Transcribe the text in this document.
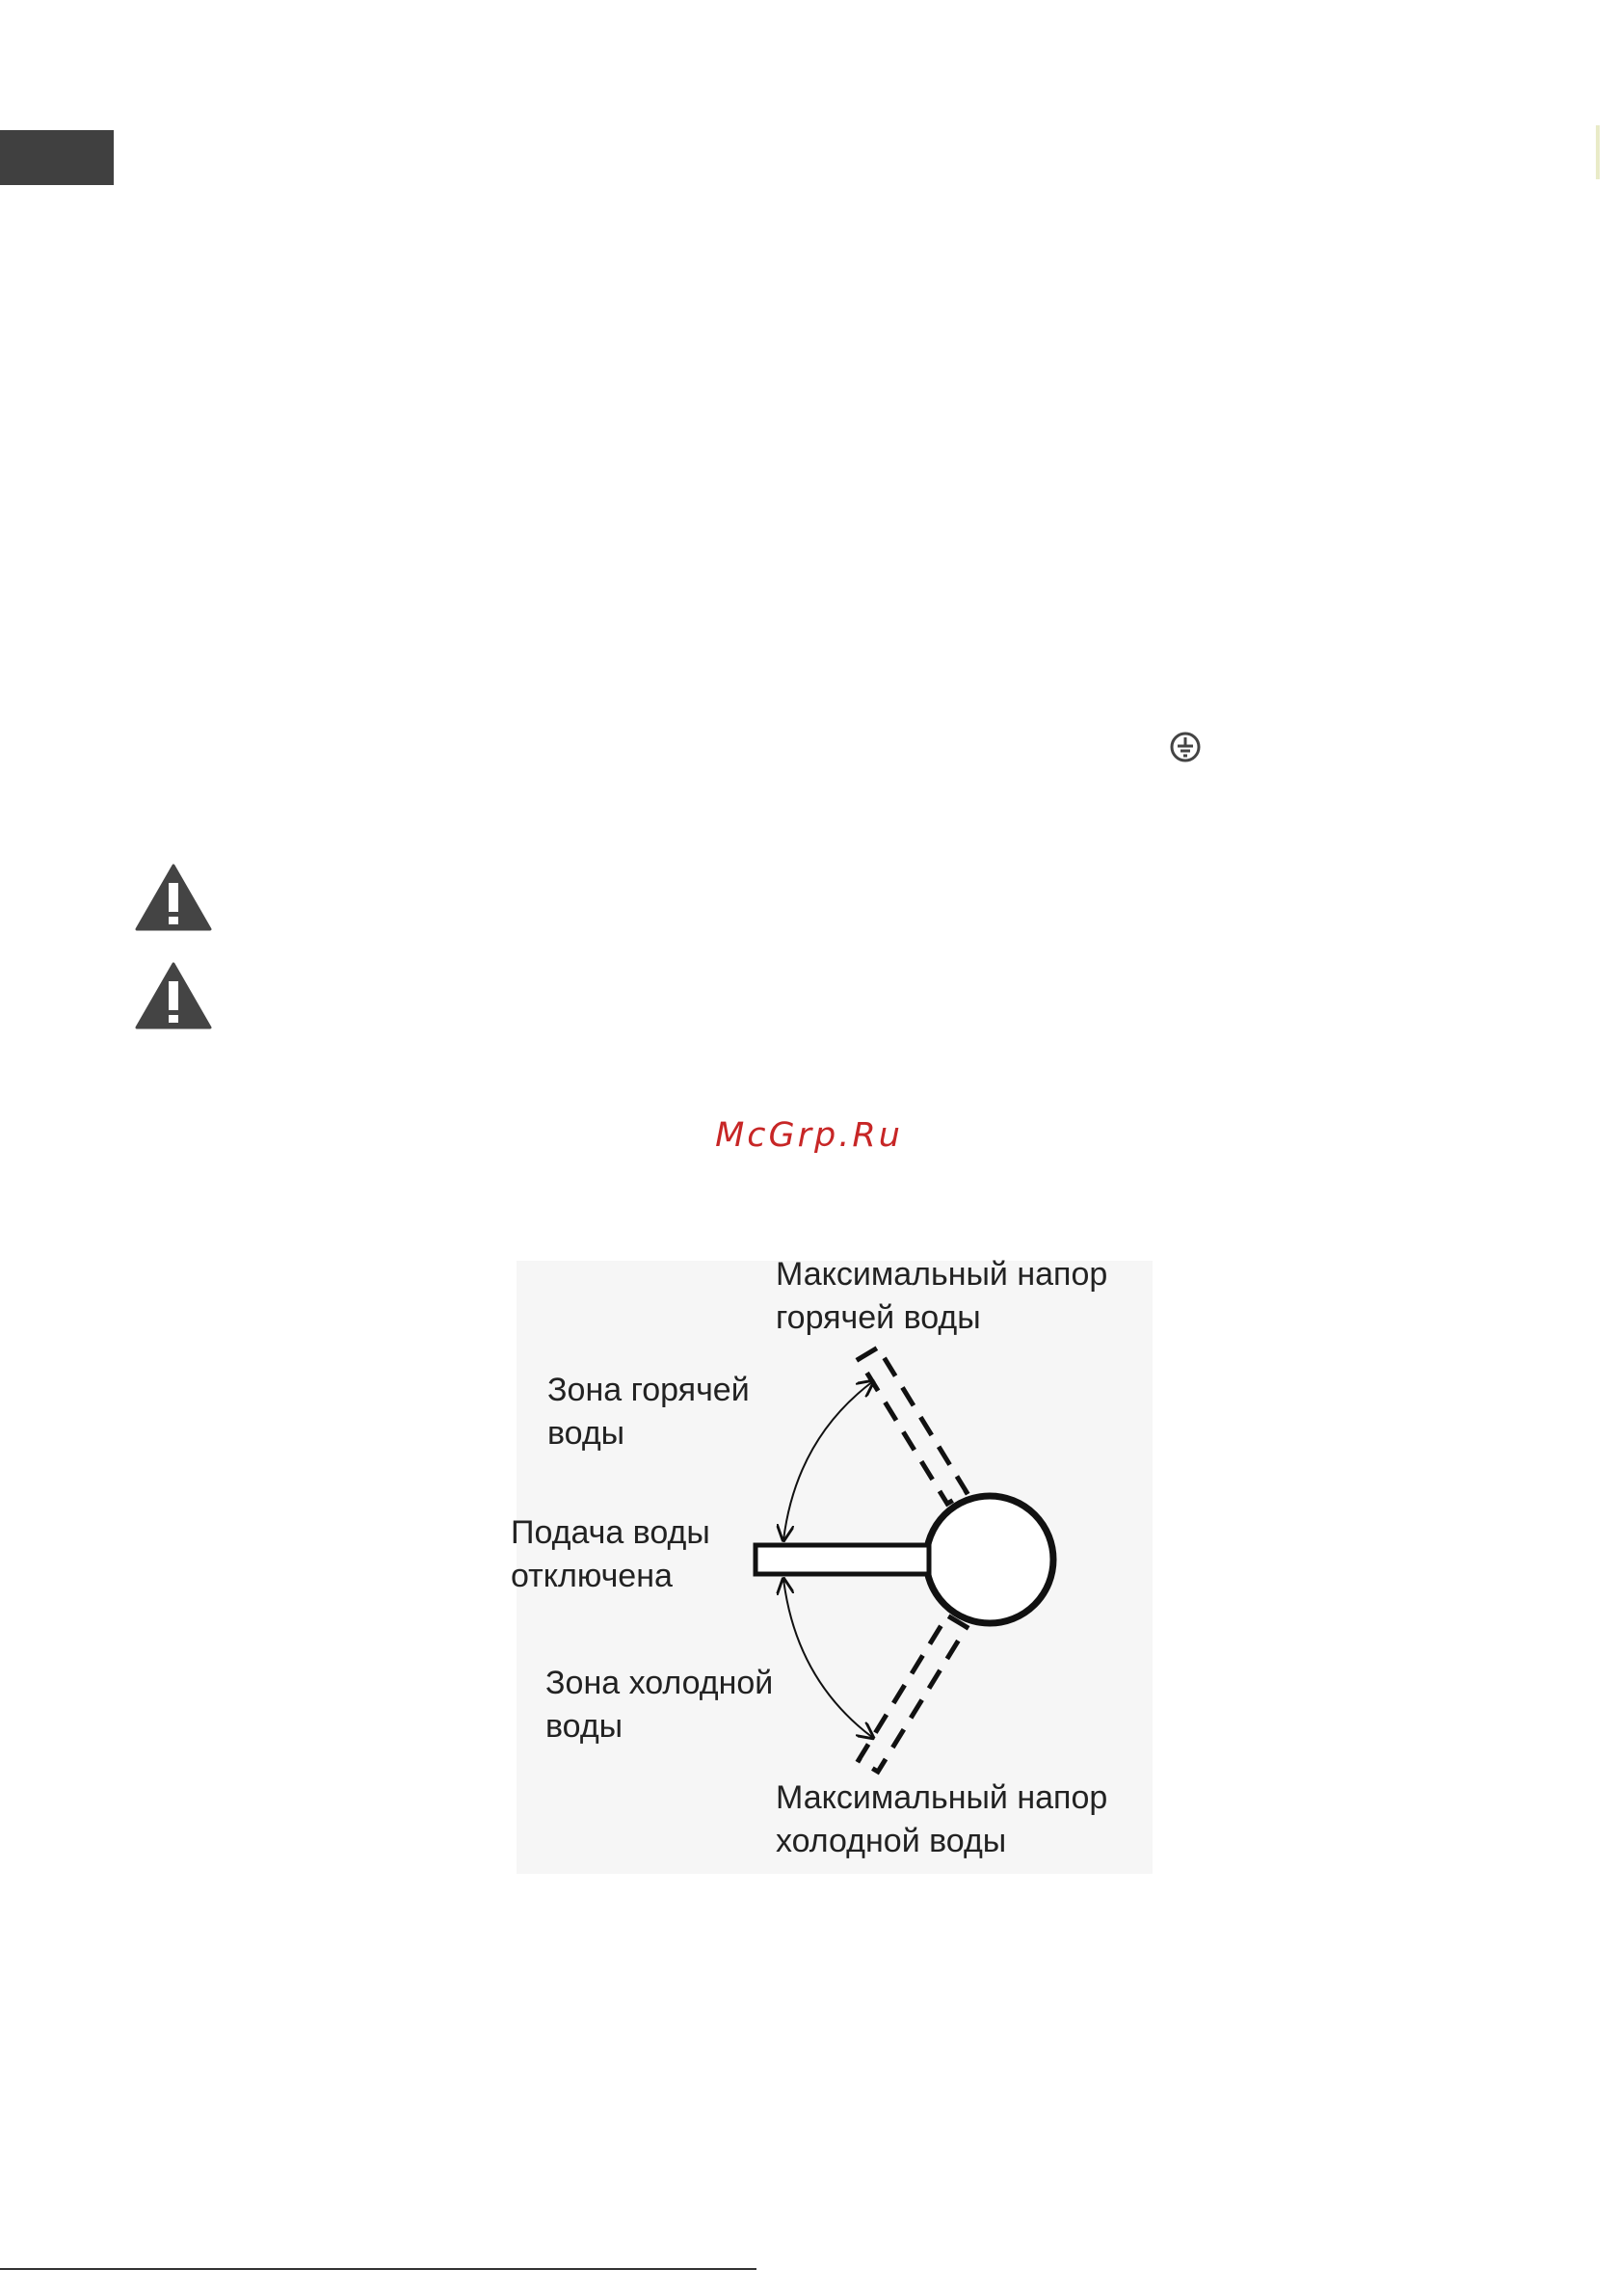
McGrp.Ru
Максимальный напор
горячей воды
Зона горячей
воды
Подача воды
отключена
Зона холодной
воды
Максимальный напор
холодной воды
